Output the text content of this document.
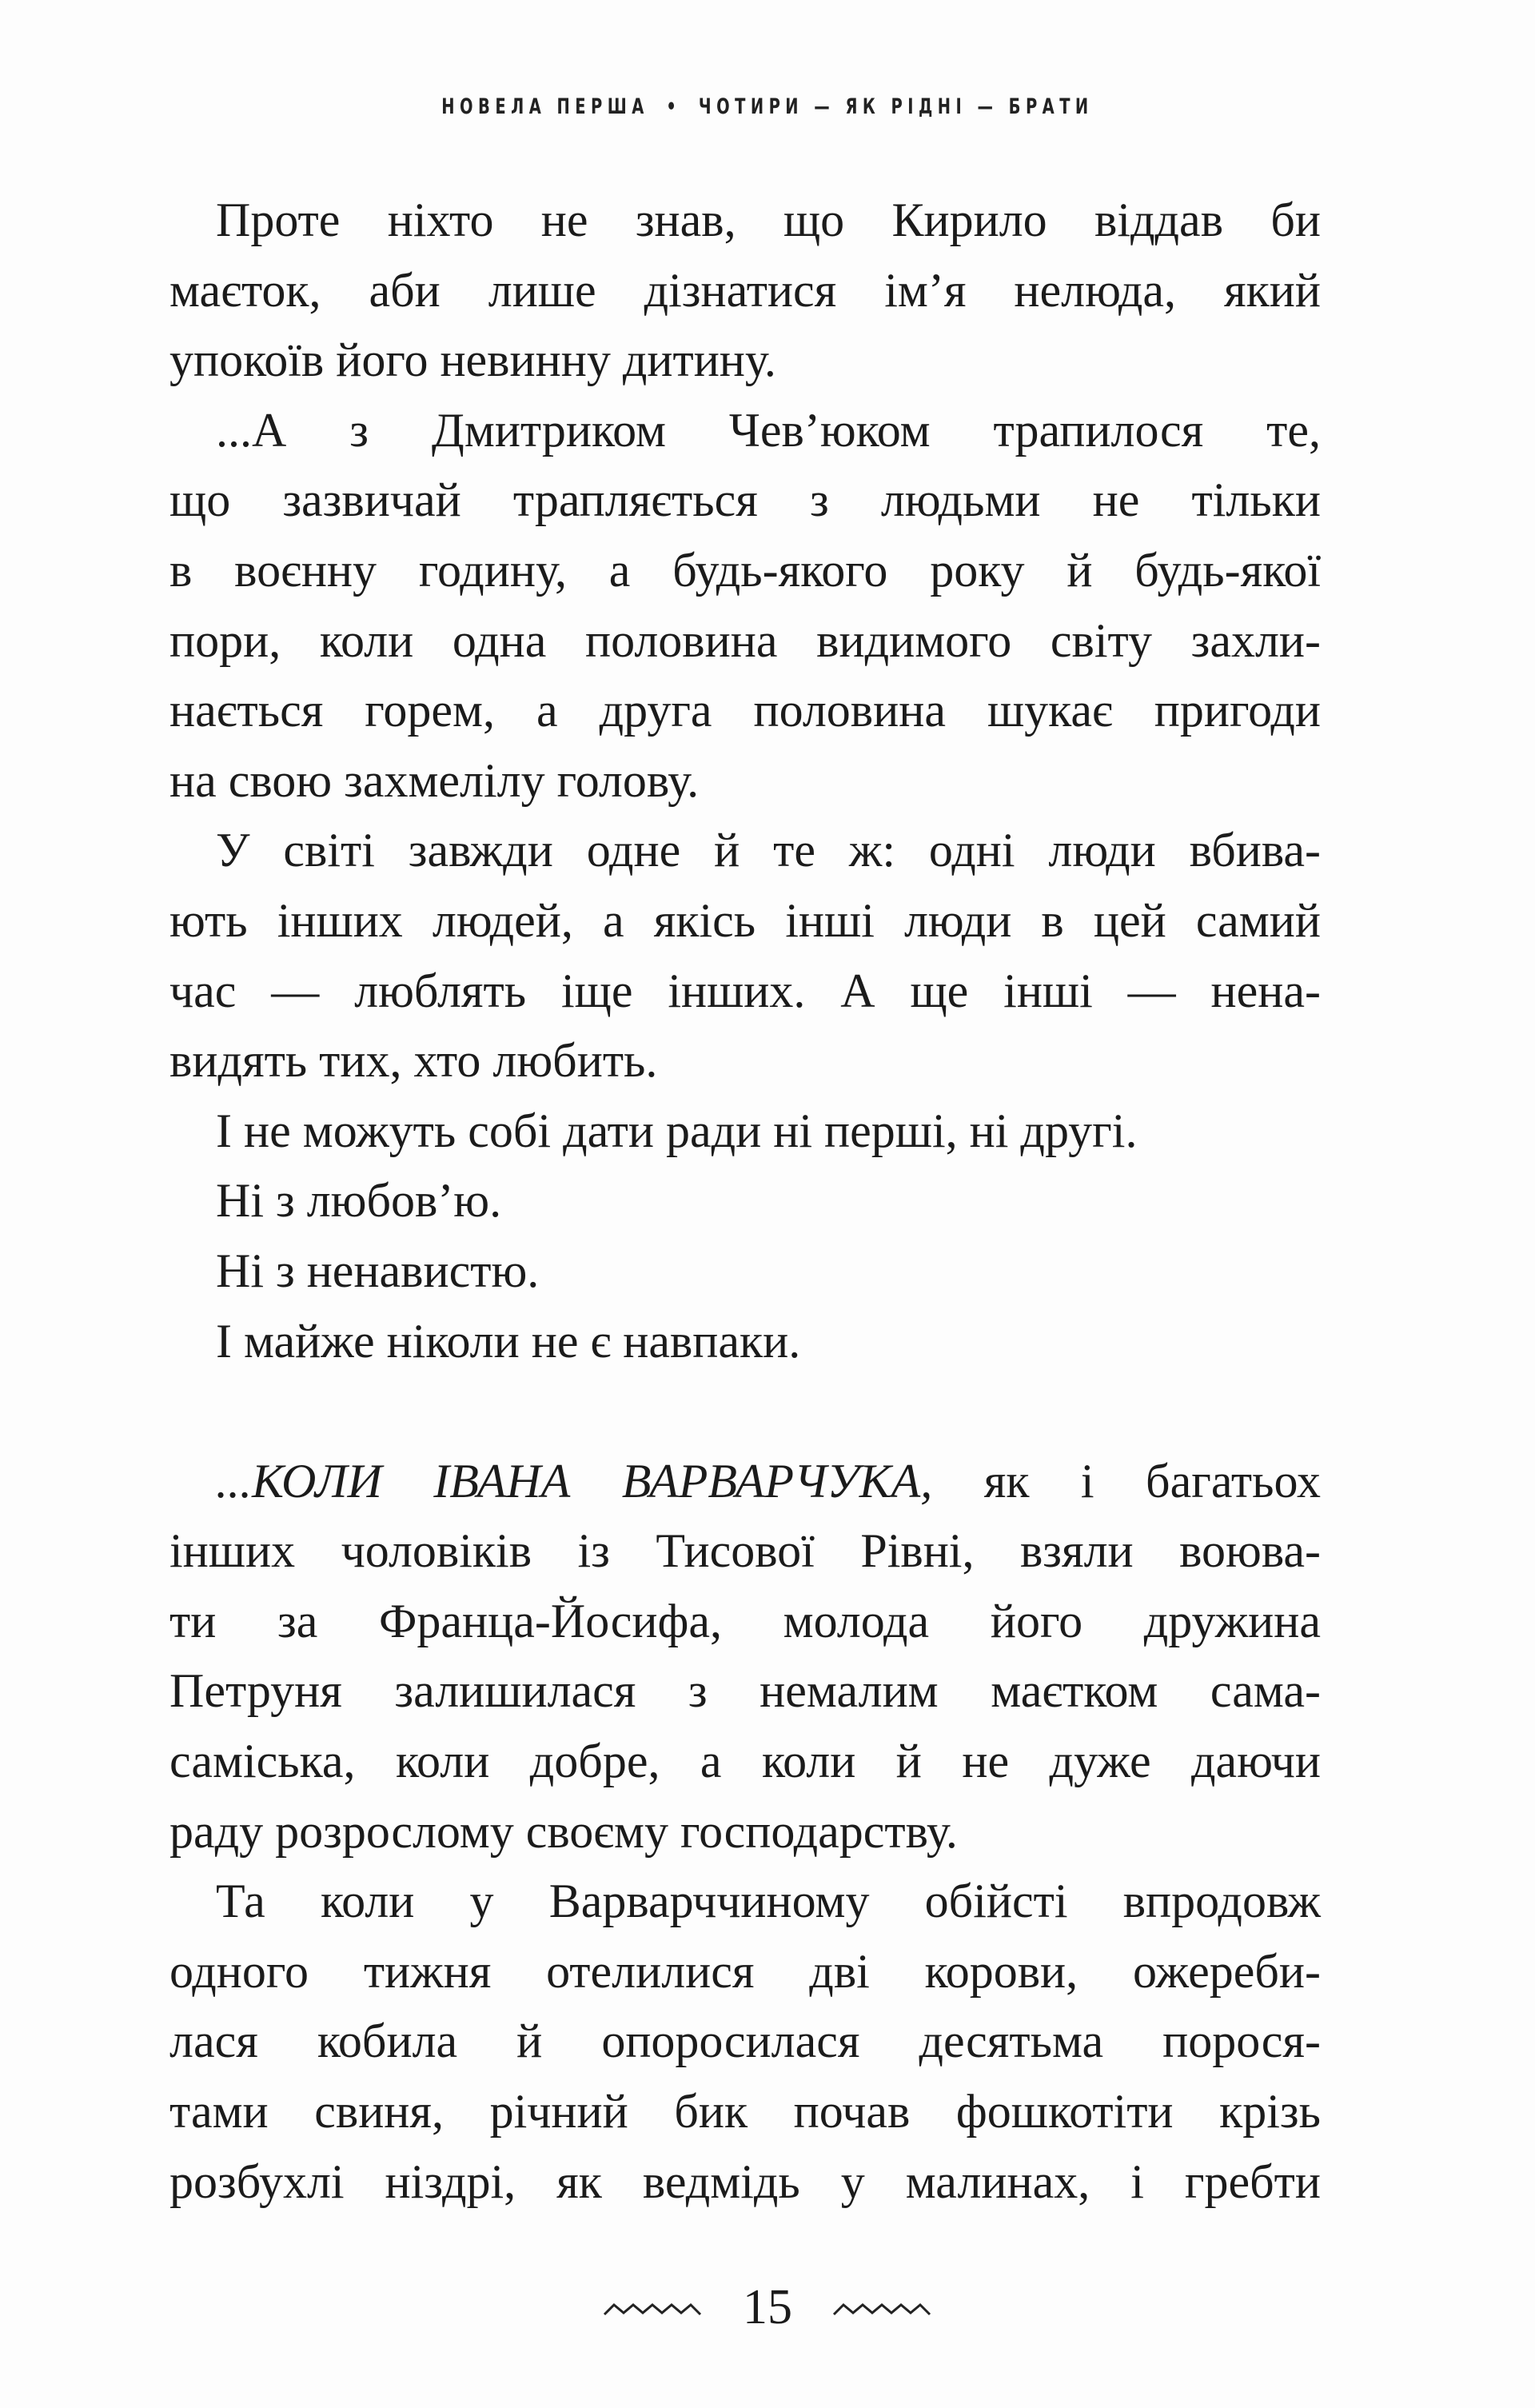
НОВЕЛА ПЕРША • ЧОТИРИ — ЯК РІДНІ — БРАТИ
Проте ніхто не знав, що Кирило віддав би
маєток, аби лише дізнатися ім’я нелюда, який
упокоїв його невинну дитину.
...А з Дмитриком Чев’юком трапилося те,
що зазвичай трапляється з людьми не тільки
в воєнну годину, а будь-якого року й будь-якої
пори, коли одна половина видимого світу захли-
нається горем, а друга половина шукає пригоди
на свою захмелілу голову.
У світі завжди одне й те ж: одні люди вбива-
ють інших людей, а якісь інші люди в цей самий
час — люблять іще інших. А ще інші — нена-
видять тих, хто любить.
І не можуть собі дати ради ні перші, ні другі.
Ні з любов’ю.
Ні з ненавистю.
І майже ніколи не є навпаки.
...КОЛИ ІВАНА ВАРВАРЧУКА, як і багатьох
інших чоловіків із Тисової Рівні, взяли воюва-
ти за Франца-Йосифа, молода його дружина
Петруня залишилася з немалим маєтком сама-
саміська, коли добре, а коли й не дуже даючи
раду розрослому своєму господарству.
Та коли у Варварччиному обійсті впродовж
одного тижня отелилися дві корови, ожереби-
лася кобила й опоросилася десятьма порося-
тами свиня, річний бик почав фошкотіти крізь
розбухлі ніздрі, як ведмідь у малинах, і гребти
15
